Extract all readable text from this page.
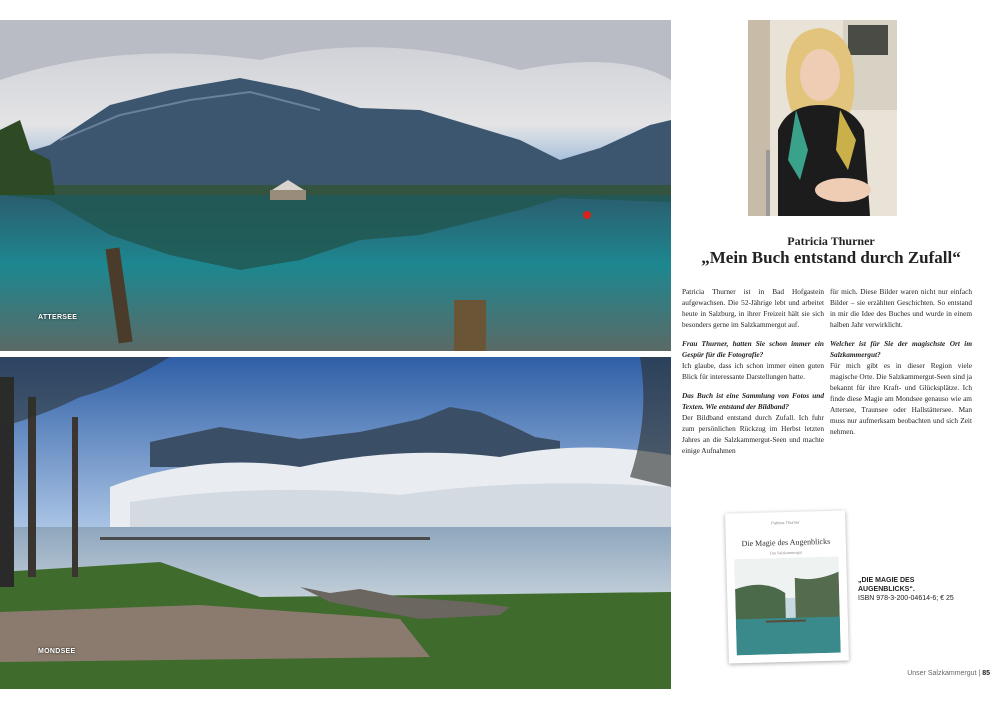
ATTERSEE
MONDSEE
Patricia Thurner
„Mein Buch entstand durch Zufall“

Patricia Thurner ist in Bad Hofgastein aufgewachsen. Die 52-Jährige lebt und arbeitet heute in Salzburg, in ihrer Freizeit hält sie sich besonders gerne im Salzkammergut auf.

Frau Thurner, hatten Sie schon immer ein Gespür für die Fotografie?
Ich glaube, dass ich schon immer einen guten Blick für interessante Darstellungen hatte.

Das Buch ist eine Sammlung von Fotos und Texten. Wie entstand der Bildband?
Der Bildband entstand durch Zufall. Ich fuhr zum persönlichen Rückzug im Herbst letzten Jahres an die Salzkammergut-Seen und machte einige Aufnahmen

für mich. Diese Bilder waren nicht nur einfach Bilder – sie erzählten Geschichten. So entstand in mir die Idee des Buches und wurde in einem halben Jahr verwirklicht.

Welcher ist für Sie der magischste Ort im Salzkammergut?
Für mich gibt es in dieser Region viele magische Orte. Die Salzkammergut-Seen sind ja bekannt für ihre Kraft- und Glücksplätze. Ich finde diese Magie am Mondsee genauso wie am Attersee, Traunsee oder Hallstättersee. Man muss nur aufmerksam beobachten und sich Zeit nehmen.

Patricia Thurner
Die Magie des Augenblicks
Das Salzkammergut
„DIE MAGIE DES AUGENBLICKS“.
ISBN 978-3-200-04614-6; € 25
Unser Salzkammergut | 85
